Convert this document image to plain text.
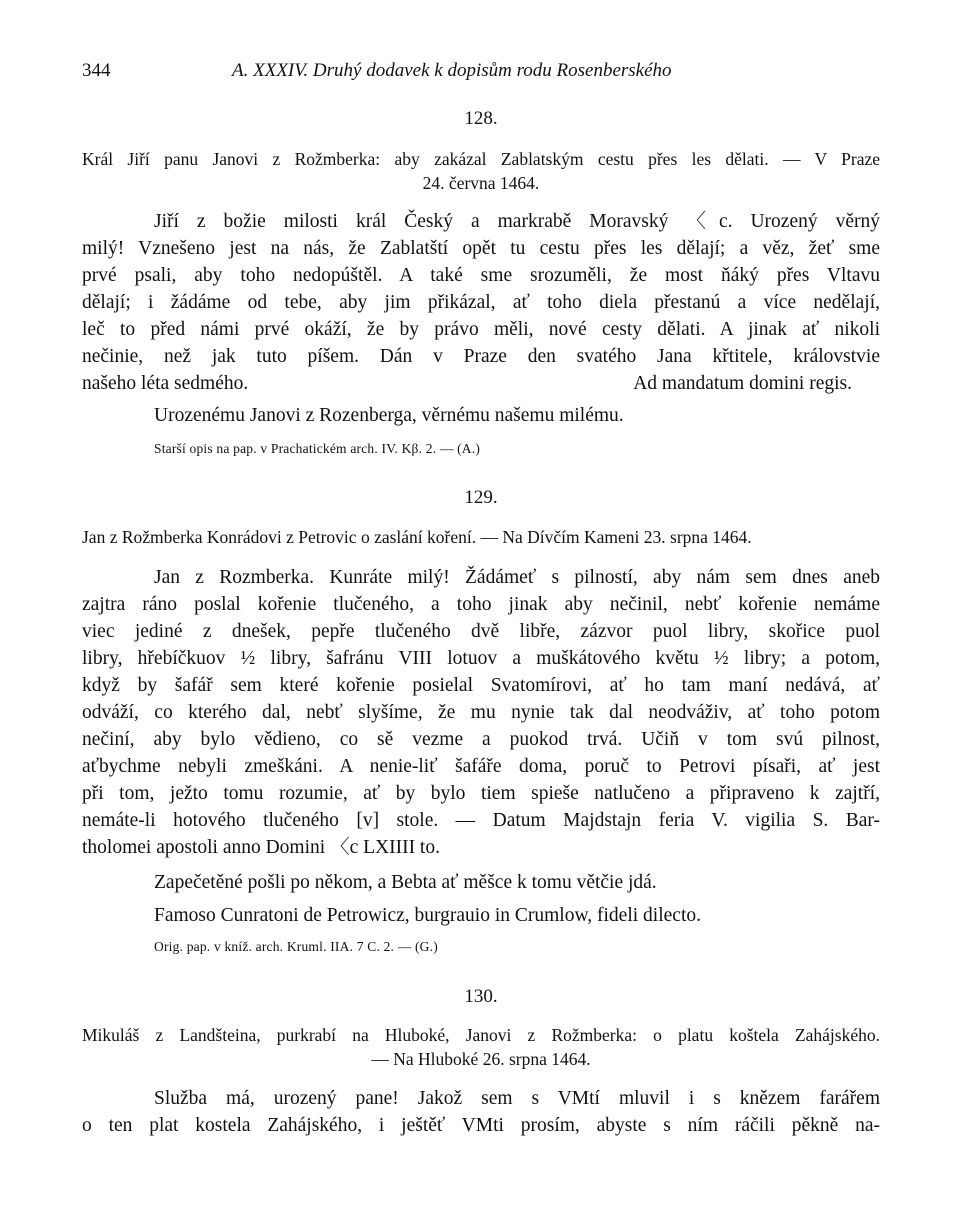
344	A. XXXIV. Druhý dodavek k dopisům rodu Rosenberského
128.
Král Jiří panu Janovi z Rožmberka: aby zakázal Zablatským cestu přes les dělati. — V Praze
24. června 1464.
Jiří z božie milosti král Český a markrabě Moravský 〈c. Urozený věrný
milý! Vznešeno jest na nás, že Zablatští opět tu cestu přes les dělají; a věz, žeť sme
prvé psali, aby toho nedopúštěl. A také sme srozuměli, že most ňáký přes Vltavu
dělají; i žádáme od tebe, aby jim přikázal, ať toho diela přestanú a více nedělají,
leč to před námi prvé okáží, že by právo měli, nové cesty dělati. A jinak ať nikoli
nečinie, než jak tuto píšem. Dán v Praze den svatého Jana křtitele, královstvie
našeho léta sedmého.	Ad mandatum domini regis.
Urozenému Janovi z Rozenberga, věrnému našemu milému.
Starší opis na pap. v Prachatickém arch. IV. Kβ. 2. — (A.)
129.
Jan z Rožmberka Konrádovi z Petrovic o zaslání koření. — Na Dívčím Kameni 23. srpna 1464.
Jan z Rozmberka. Kunráte milý! Žádámeť s pilností, aby nám sem dnes aneb
zajtra ráno poslal kořenie tlučeného, a toho jinak aby nečinil, nebť kořenie nemáme
viec jediné z dnešek, pepře tlučeného dvě libře, zázvor puol libry, skořice puol
libry, hřebíčkuov ½ libry, šafránu VIII lotuov a muškátového květu ½ libry; a potom,
když by šafář sem které kořenie posielal Svatomírovi, ať ho tam maní nedává, ať
odváží, co kterého dal, nebť slyšíme, že mu nynie tak dal neodváživ, ať toho potom
nečiní, aby bylo vědieno, co sě vezme a puokod trvá. Učiň v tom svú pilnost,
aťbychme nebyli zmeškáni. A nenie-liť šafáře doma, poruč to Petrovi písaři, ať jest
při tom, ježto tomu rozumie, ať by bylo tiem spieše natlučeno a připraveno k zajtří,
nemáte-li hotového tlučeného [v] stole. — Datum Majdstajn feria V. vigilia S. Bar-
tholomei apostoli anno Domini 〈c LXIIII to.
Zapečetěné pošli po někom, a Bebta ať měšce k tomu větčie jdá.
Famoso Cunratoni de Petrowicz, burgrauio in Crumlow, fideli dilecto.
Orig. pap. v kníž. arch. Kruml. IIA. 7 C. 2. — (G.)
130.
Mikuláš z Landšteina, purkrabí na Hluboké, Janovi z Rožmberka: o platu koštela Zahájského.
— Na Hluboké 26. srpna 1464.
Služba má, urozený pane! Jakož sem s VMtí mluvil i s knězem farářem
o ten plat kostela Zahájského, i ještěť VMti prosím, abyste s ním ráčili pěkně na-
